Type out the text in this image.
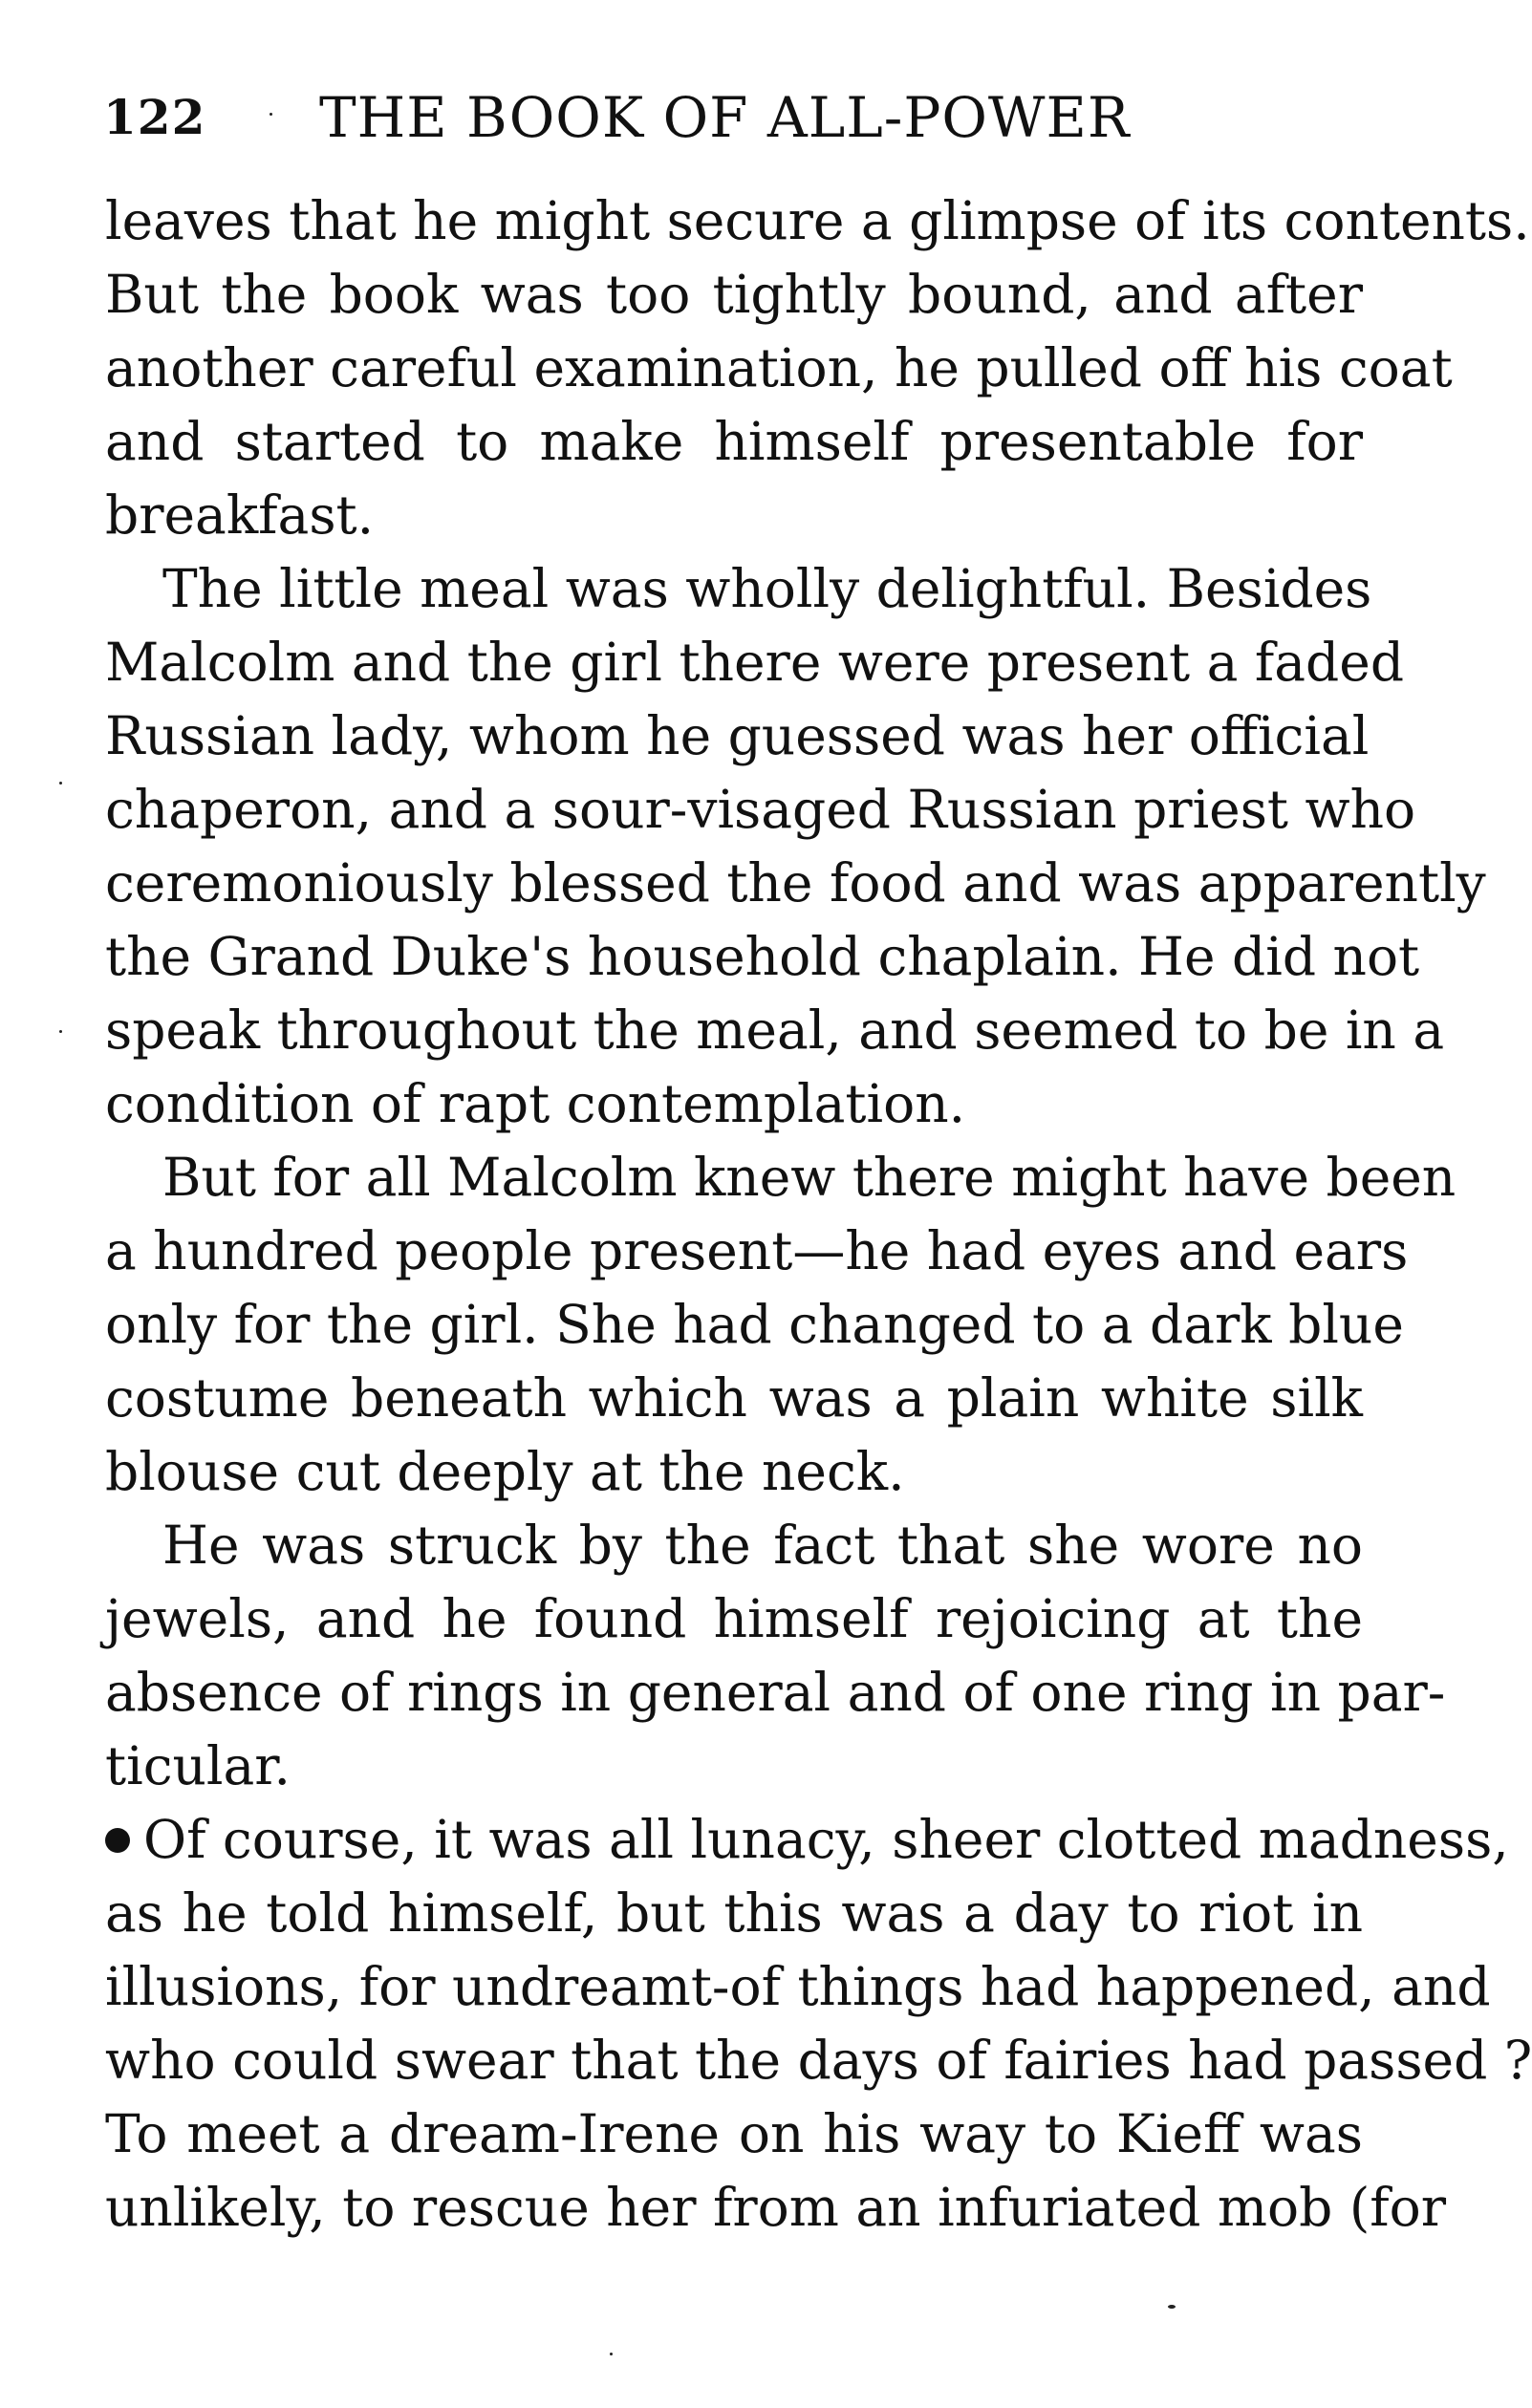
122 THE BOOK OF ALL-POWER
leaves that he might secure a glimpse of its contents.
But the book was too tightly bound, and after
another careful examination, he pulled off his coat
and started to make himself presentable for
breakfast.
The little meal was wholly delightful. Besides
Malcolm and the girl there were present a faded
Russian lady, whom he guessed was her official
chaperon, and a sour-visaged Russian priest who
ceremoniously blessed the food and was apparently
the Grand Duke's household chaplain. He did not
speak throughout the meal, and seemed to be in a
condition of rapt contemplation.
But for all Malcolm knew there might have been
a hundred people present—he had eyes and ears
only for the girl. She had changed to a dark blue
costume beneath which was a plain white silk
blouse cut deeply at the neck.
He was struck by the fact that she wore no
jewels, and he found himself rejoicing at the
absence of rings in general and of one ring in par-
ticular.
Of course, it was all lunacy, sheer clotted madness,
as he told himself, but this was a day to riot in
illusions, for undreamt-of things had happened, and
who could swear that the days of fairies had passed ?
To meet a dream-Irene on his way to Kieff was
unlikely, to rescue her from an infuriated mob (for
